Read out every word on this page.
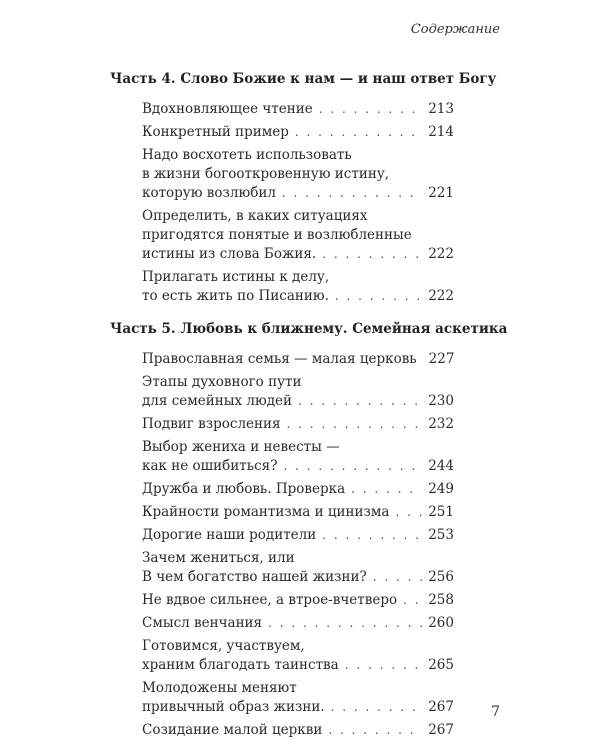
Содержание
Часть 4. Слово Божие к нам — и наш ответ Богу
Вдохновляющее чтение . . .	213
Конкретный пример . . .	214
Надо восхотеть использовать
в жизни богооткровенную истину,
которую возлюбил . . .	221
Определить, в каких ситуациях
пригодятся понятые и возлюбленные
истины из слова Божия. . . .	222
Прилагать истины к делу,
то есть жить по Писанию. . . .	222
Часть 5. Любовь к ближнему. Семейная аскетика
Православная семья — малая церковь 227
Этапы духовного пути
для семейных людей . . .	230
Подвиг взросления . . .	232
Выбор жениха и невесты —
как не ошибиться? . . .	244
Дружба и любовь. Проверка . . .	249
Крайности романтизма и цинизма . . .	251
Дорогие наши родители . . .	253
Зачем жениться, или
В чем богатство нашей жизни? . . .	256
Не вдвое сильнее, а втрое-вчетверо . . . 258
Смысл венчания . . .	260
Готовимся, участвуем,
храним благодать таинства . . .	265
Молодожены меняют
привычный образ жизни. . . .	267
Созидание малой церкви . . .	267
7
